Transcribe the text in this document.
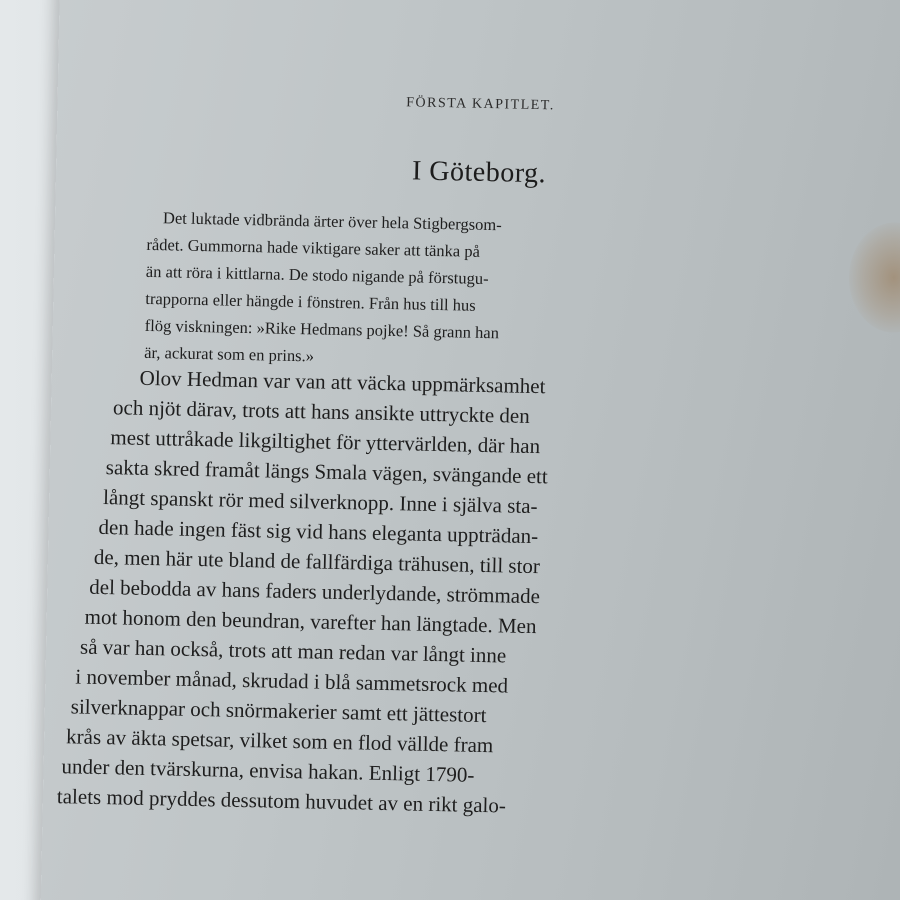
FÖRSTA KAPITLET.
I Göteborg.
Det luktade vidbrända ärter över hela Stigbergsom-
rådet. Gummorna hade viktigare saker att tänka på
än att röra i kittlarna. De stodo nigande på förstugu-
trapporna eller hängde i fönstren. Från hus till hus
flög viskningen: »Rike Hedmans pojke! Så grann han
är, ackurat som en prins.»
Olov Hedman var van att väcka uppmärksamhet
och njöt därav, trots att hans ansikte uttryckte den
mest uttråkade likgiltighet för yttervärlden, där han
sakta skred framåt längs Smala vägen, svängande ett
långt spanskt rör med silverknopp. Inne i själva sta-
den hade ingen fäst sig vid hans eleganta uppträdan-
de, men här ute bland de fallfärdiga trähusen, till stor
del bebodda av hans faders underlydande, strömmade
mot honom den beundran, varefter han längtade. Men
så var han också, trots att man redan var långt inne
i november månad, skrudad i blå sammetsrock med
silverknappar och snörmakerier samt ett jättestort
krås av äkta spetsar, vilket som en flod vällde fram
under den tvärskurna, envisa hakan. Enligt 1790-
talets mod pryddes dessutom huvudet av en rikt galo-
